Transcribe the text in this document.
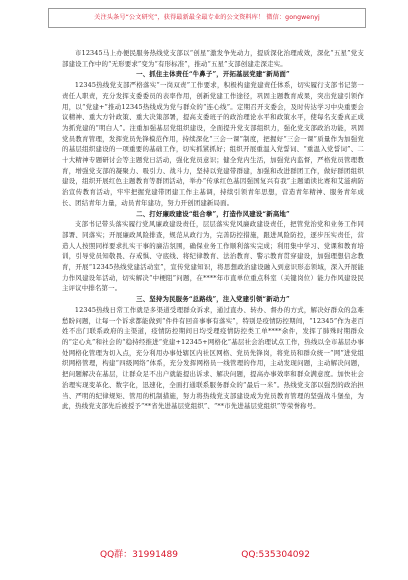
关注头条号“公文研究”，获得最新最全最专业的公文资料库！ 微信：gongwenyj

市12345马上办便民服务热线党支部以“创星”激发争先动力，提质深化治理成效，深化“五星”党支部建设工作中的“无形要求”变为“有形标准”，推动“五星”支部创建走深走实。

一、抓住主体责任“牛鼻子”，开拓基层党建“新局面”

12345热线党支部严格落实“一岗双责”工作要求，积极构建党建责任体系，切实履行支部书记第一责任人职责，充分发挥支委委员的表率作用，创新党建工作途径，巩固主题教育成果，突出党建引领作用，以“党建+”推动12345热线成为党与群众的“连心线”。定期召开支委会，及时传达学习中央重要会议精神、重大方针政策、重大决策部署，提高支委班子的政治理论水平和政策水平，使每名支委真正成为抓党建的“明白人”。注重加强基层党组织建设，全面提升党支部组织力，强化党支部政治功能，巩固党员教育管理，发挥党员先锋模范作用，持续深化“三会一课”制度，把握好“三会一课”质量作为加强党的基层组织建设的一项重要的基础工作，切实抓紧抓好；组织开展重温入党誓词、“重温入党誓词”、二十大精神专题研讨会等主题党日活动，强化党员意识；健全党内生活，加强党内监督，严格党员管理教育，增强党支部的凝聚力、吸引力、战斗力，坚持以党建带群建，加强和改进群团工作，做好群团组织建设，组织开展红色主题教育等群团活动，举办“传承红色基因强国复兴有我”主题诵读比赛和艾滋病防治宣传教育活动，牢牢把握党建带团建工作主基调，持续引领青年思想，营造青年精神、服务青年成长、团结青年力量，动员青年建功，努力开创团建新局面。

二、打好廉政建设“组合拳”，打造作风建设“新高地”

支部书记带头落实履行党风廉政建设责任，层层落实党风廉政建设责任，把管党治党和业务工作同部署、同落实；开展廉政风险排查，规范从政行为，完善防控措施，跟进风险防控，逐步压实责任，营造人人按照同样要求扎实干事的廉洁氛围，确保业务工作顺利落实完成；利用集中学习、党课和教育培训，引导党员知敬畏、存戒惧、守底线、将纪律教育、法治教育、警示教育贯穿建设，加强理想信念教育，开展“12345热线党建活动室”，宣传党建知识，将思想政治建设融入到意识形态领域，深入开展能力作风建设年活动，切实解决“中梗阻”问题，在****年市直单位重点科室（关键岗位）能力作风建设民主评议中排名第一。

三、坚持为民服务“总路线”，注入党建引领“新动力”

12345热线日常工作就是多渠道受理群众诉求，通过直办、转办、督办的方式，解决好群众的急难愁盼问题，让每一个诉求都能做到“件件有回音事事有落实”，特别是疫情防控期间，“12345”作为老百姓不出门联系政府的主渠道，疫情防控期间日均受理疫情防控类工单****余件，发挥了肺殊时期群众的“定心丸”和社会的“稳持经推进“党建+12345+网格化”基层社会治理试点工作，热线以全市基层办事处网格化管理为切入点，充分利用办事处辖区内社区网格、党员先锋岗，将党员和群众统一“网”进党组织网格管理，构建“四级网络”体系，充分发挥网格员一线管理的作用，主动发现问题，主动解决问题，把问题解决在基层，让群众足不出户就能提出诉求、解决问题，提高办事效率和群众满意度。加快社会治理实现变革化、数字化，迅速化，全面打通联系服务群众的“最后一米”。热线党支部以强烈的政治担当、严明的纪律规矩、管用的机制措施，努力将热线党支部建设成为党员教育管理的坚强战斗堡垒，为此，热线党支部先后被授予“**省先进基层党组织”、“**市先进基层党组织”等荣誉称号。

QQ群：31991489	QQ:535304092
